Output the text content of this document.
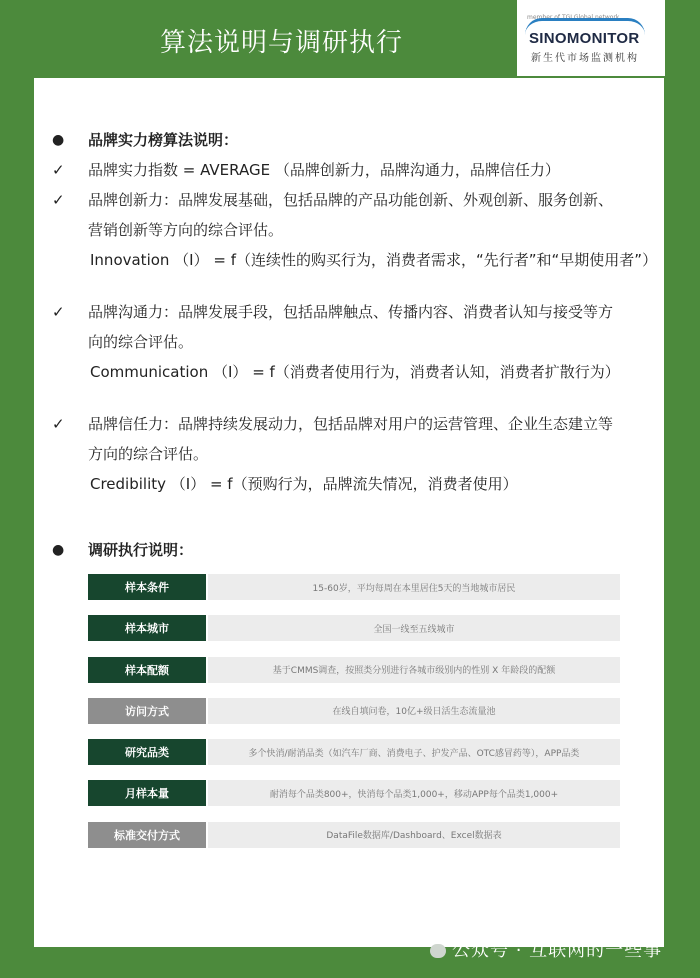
算法说明与调研执行
member of TGI Global network
SINOMONITOR
新生代市场监测机构
●	品牌实力榜算法说明：
✓	品牌实力指数 = AVERAGE （品牌创新力，品牌沟通力，品牌信任力）
✓	品牌创新力：品牌发展基础，包括品牌的产品功能创新、外观创新、服务创新、
营销创新等方向的综合评估。
Innovation （I） = f（连续性的购买行为，消费者需求，“先行者”和“早期使用者”）
✓	品牌沟通力：品牌发展手段，包括品牌触点、传播内容、消费者认知与接受等方
向的综合评估。
Communication （I） = f（消费者使用行为，消费者认知，消费者扩散行为）
✓	品牌信任力：品牌持续发展动力，包括品牌对用户的运营管理、企业生态建立等
方向的综合评估。
Credibility （I） = f（预购行为，品牌流失情况，消费者使用）
●	调研执行说明：
样本条件	15-60岁，平均每周在本里居住5天的当地城市居民
样本城市	全国一线至五线城市
样本配额	基于CMMS调查，按照类分别进行各城市级别内的性别 X 年龄段的配额
访问方式	在线自填问卷，10亿+级日活生态流量池
研究品类	多个快消/耐消品类（如汽车厂商、消费电子、护发产品、OTC感冒药等），APP品类
月样本量	耐消每个品类800+，快消每个品类1,000+，移动APP每个品类1,000+
标准交付方式	DataFile数据库/Dashboard、Excel数据表
公众号 · 互联网的一些事
